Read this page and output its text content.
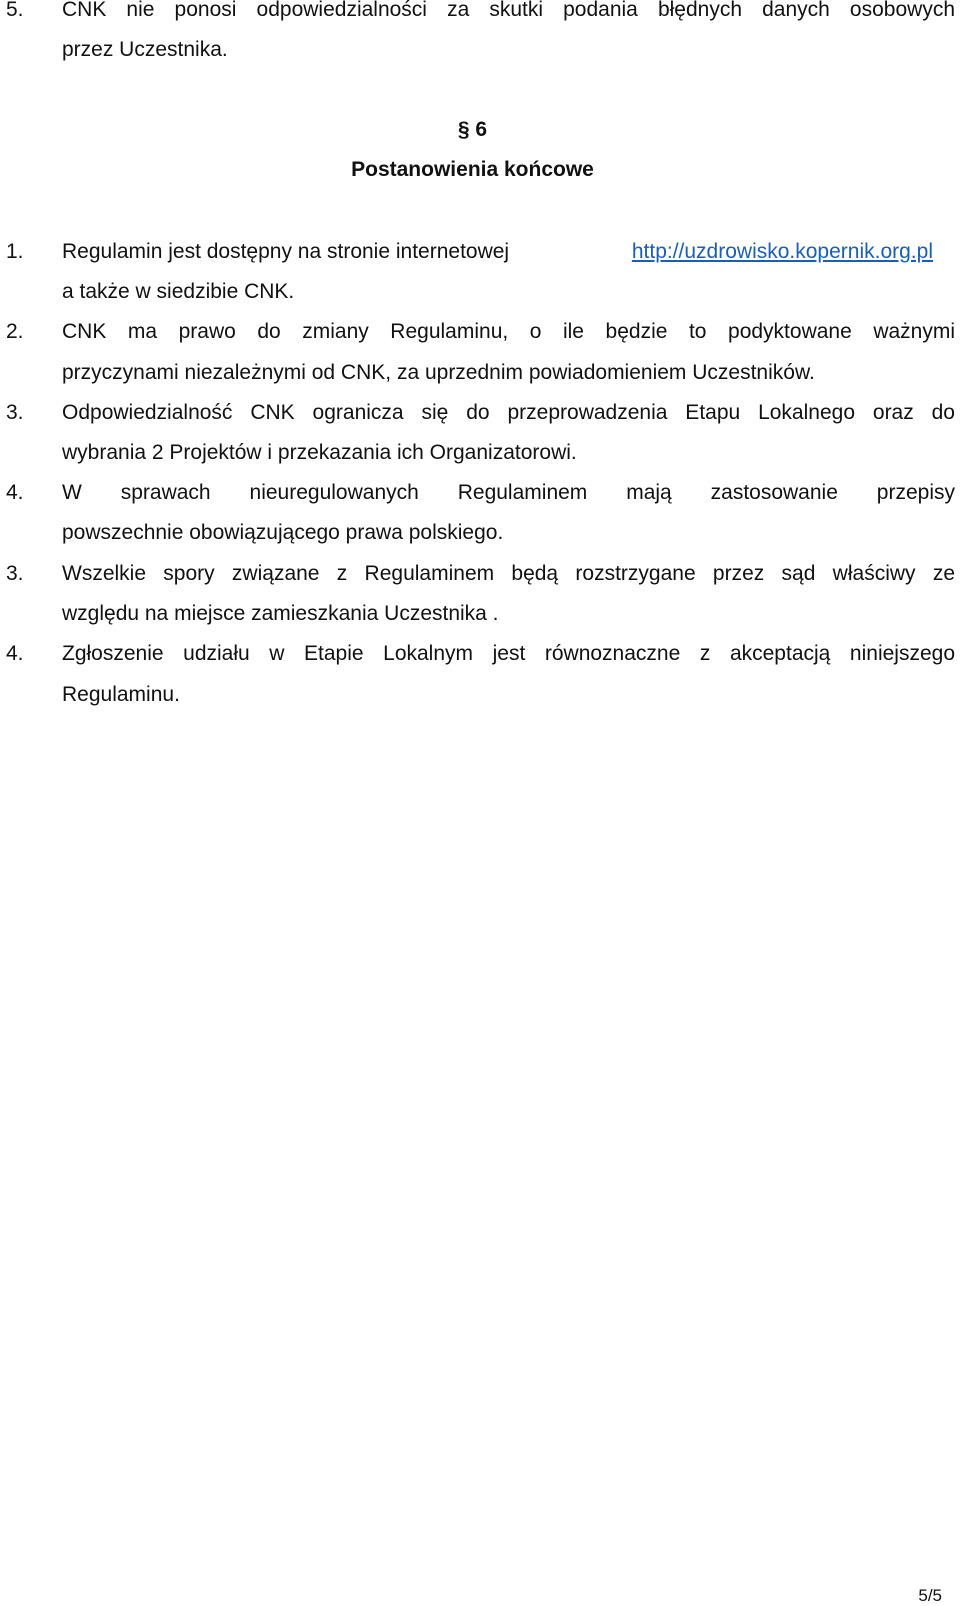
5.	CNK nie ponosi odpowiedzialności za skutki podania błędnych danych osobowych
przez Uczestnika.
§ 6
Postanowienia końcowe
1.	Regulamin jest dostępny na stronie internetowej	http://uzdrowisko.kopernik.org.pl
a także w siedzibie CNK.
2.	CNK ma prawo do zmiany Regulaminu, o ile będzie to podyktowane ważnymi
przyczynami niezależnymi od CNK, za uprzednim powiadomieniem Uczestników.
3.	Odpowiedzialność CNK ogranicza się do przeprowadzenia Etapu Lokalnego oraz do
wybrania 2 Projektów i przekazania ich Organizatorowi.
4.	W sprawach nieuregulowanych Regulaminem mają zastosowanie przepisy
powszechnie obowiązującego prawa polskiego.
3.	Wszelkie spory związane z Regulaminem będą rozstrzygane przez sąd właściwy ze
względu na miejsce zamieszkania Uczestnika .
4.	Zgłoszenie udziału w Etapie Lokalnym jest równoznaczne z akceptacją niniejszego
Regulaminu.
5/5
